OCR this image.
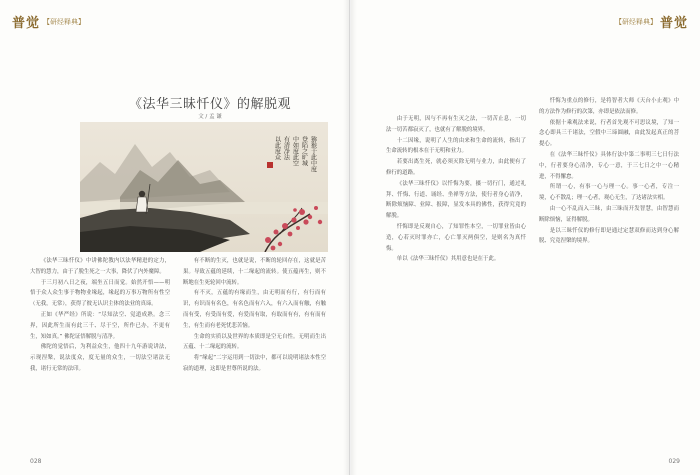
普觉 【研经释典】
《法华三昧忏仪》的解脱观
文 / 孟 谦
猕猴于此中度
登陷之旷城
中如度此空
有清净法
以此度众

《法华三昧忏仪》中讲佛陀教内以法华精进的定力，大智的慧力，由于了脱生死之一大事，降伏了内外魔障。

于三月初八日之夜，端坐五日而觉。始然开悟——明悟于众人众生事于物物业缘起，缘起的万事万物所有性空（无我，无常），获得了彼无认识主体的法业的真谛。

正如《华严经》所说：“尽知法空、觉道成熟。念三界，因此所生而有此三千、尽于空，所作已办，不更有生，知如真。” 佛陀证悟解脱与清净。

佛陀的觉悟后，为利益众生，他四十九年游说讲法，示现涅槃，说法度众，度无量的众生，一切法空诸法无我，诸行无常的法印。

有不断的生灭，也就是说，不断的轮回存在，这就是苦果。导致五蕴的延续，十二缘起的流转。使五蕴再生，则不断地在生死轮回中流转。

有不灭，五蕴的有缘而生，由无明而有行，有行而有识，有识而有名色，有名色而有六入，有六入而有触，有触而有受，有受而有爱，有爱而有取，有取而有有，有有而有生，有生而有老死忧悲苦恼。

生命的实质以及世界的本质即是空无自性。无明而生出五蕴、十二缘起的流转。

将“缘起”二字运用到一切法中，都可以说明诸法本性空寂的道理，这即是世尊所说的法。

028
【研经释典】 普觉

由于无明，因与不再有生灭之法，一切苦止息，一切法一切苦都寂灭了，也就有了解脱的境界。

十二因缘，说明了人生的由来和生命的流转，指出了生命流转的根本在于无明和业力。

若要出离生死，就必须灭除无明与业力，由此便有了修行的道路。

《法华三昧忏仪》以忏悔为要，摄一切行门，通过礼拜、忏悔、行道、诵经、坐禅等方法，使行者身心清净，断除烦恼障、业障、报障，显发本具的佛性，获得究竟的解脱。

忏悔即是反观自心，了知罪性本空，一切罪业皆由心造，心若灭时罪亦亡，心亡罪灭两俱空，是则名为真忏悔。

单以《法华三昧忏仪》其用意也是在于此。

忏悔为重点的修行，是将智者大师《天台小止观》中的方法作为修行的次第，亦即是依法而修。

依据十乘观法来说，行者首先观不可思议境，了知一念心即具三千诸法，空假中三谛圆融，由此发起真正的菩提心。

在《法华三昧忏仪》具体行法中第二事明三七日行法中，行者要身心清净，专心一意，于三七日之中一心精进，不得懈怠。

所谓一心，有事一心与理一心。事一心者，专注一境，心不散乱；理一心者，观心无生，了达诸法实相。

由一心不乱而入三昧，由三昧而开发智慧，由智慧而断除烦恼，证得解脱。

是以三昧忏仪的修行即是通过定慧双修而达到身心解脱、究竟涅槃的境界。

029
